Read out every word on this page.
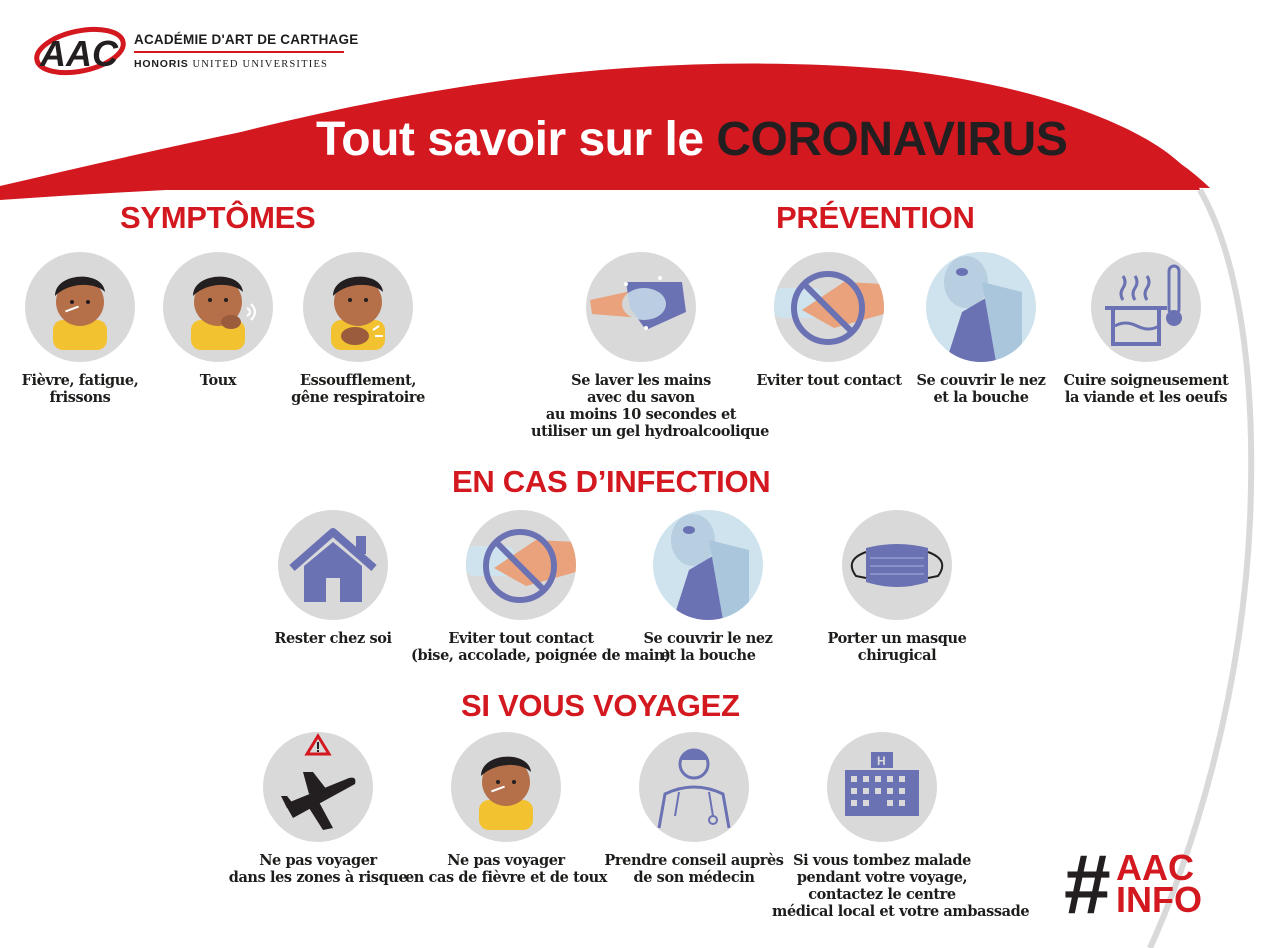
AAC ACADÉMIE D'ART DE CARTHAGE
HONORIS UNITED UNIVERSITIES
Tout savoir sur le CORONAVIRUS
SYMPTÔMES	PRÉVENTION
EN CAS D’INFECTION
SI VOUS VOYAGEZ
Fièvre, fatigue,
frissons
Toux	Essoufflement,
gêne respiratoire
Se laver les mains
avec du savon
au moins 10 secondes et
utiliser un gel hydroalcoolique
Eviter tout contact	Se couvrir le nez
et la bouche
Cuire soigneusement
la viande et les oeufs
Rester chez soi	Eviter tout contact
(bise, accolade, poignée de main)
Se couvrir le nez
et la bouche
Porter un masque
chirugical
Ne pas voyager
dans les zones à risque
Ne pas voyager
en cas de fièvre et de toux
Prendre conseil auprès
de son médecin
H
Si vous tombez malade
pendant votre voyage,
contactez le centre
médical local et votre ambassade # AAC
INFO
